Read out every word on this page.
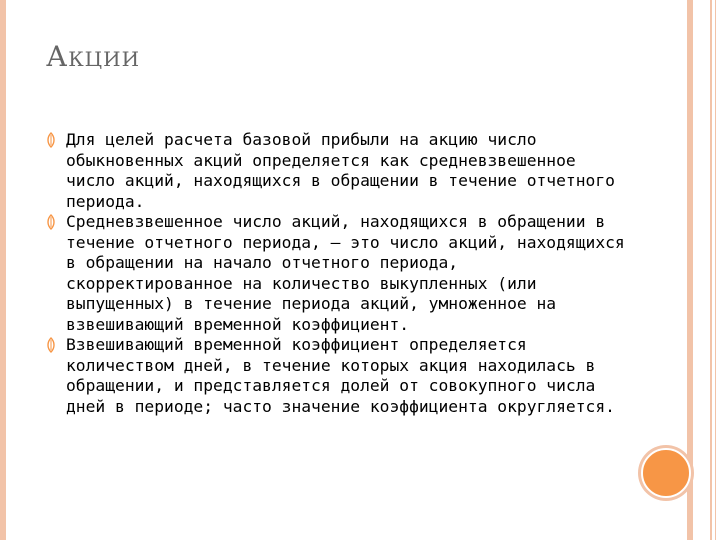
Акции
Для целей расчета базовой прибыли на акцию число обыкновенных акций определяется как средневзвешенное число акций, находящихся в обращении в течение отчетного периода.
Средневзвешенное число акций, находящихся в обращении в течение отчетного периода, – это число акций, находящихся в обращении на начало отчетного периода, скорректированное на количество выкупленных (или выпущенных) в течение периода акций, умноженное на взвешивающий временной коэффициент.
Взвешивающий временной коэффициент определяется количеством дней, в течение которых акция находилась в обращении, и представляется долей от совокупного числа дней в периоде; часто значение коэффициента округляется.
